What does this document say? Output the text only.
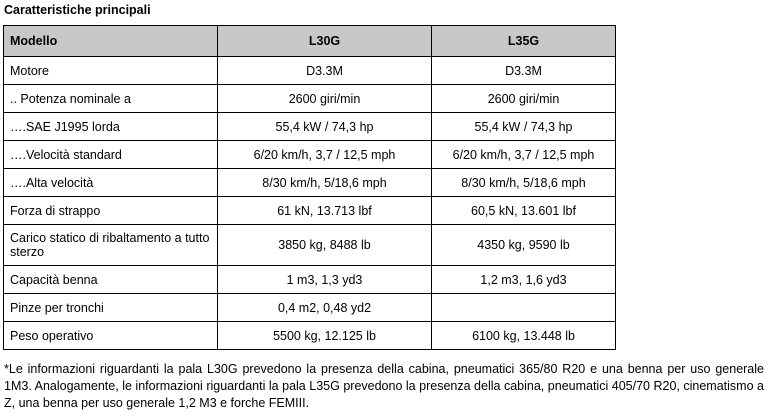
Caratteristiche principali
Modello	L30G	L35G
Motore	D3.3M	D3.3M
.. Potenza nominale a	2600 giri/min	2600 giri/min
….SAE J1995 lorda	55,4 kW / 74,3 hp	55,4 kW / 74,3 hp
….Velocità standard	6/20 km/h, 3,7 / 12,5 mph	6/20 km/h, 3,7 / 12,5 mph
….Alta velocità	8/30 km/h, 5/18,6 mph	8/30 km/h, 5/18,6 mph
Forza di strappo	61 kN, 13.713 lbf	60,5 kN, 13.601 lbf
Carico statico di ribaltamento a tutto sterzo	3850 kg, 8488 lb	4350 kg, 9590 lb
Capacità benna	1 m3, 1,3 yd3	1,2 m3, 1,6 yd3
Pinze per tronchi	0,4 m2, 0,48 yd2	
Peso operativo	5500 kg, 12.125 lb	6100 kg, 13.448 lb
*Le informazioni riguardanti la pala L30G prevedono la presenza della cabina, pneumatici 365/80 R20 e una benna per uso generale 1M3. Analogamente, le informazioni riguardanti la pala L35G prevedono la presenza della cabina, pneumatici 405/70 R20, cinematismo a Z, una benna per uso generale 1,2 M3 e forche FEMIII.
